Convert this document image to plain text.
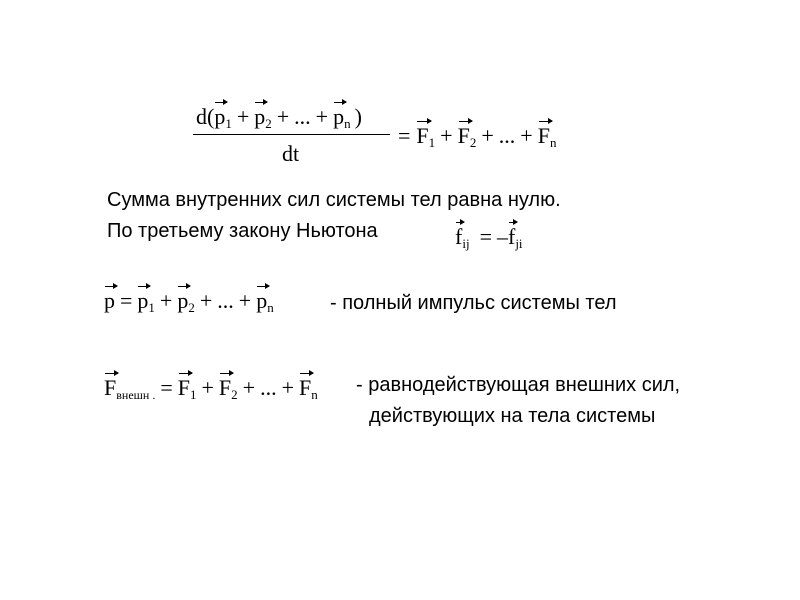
$d(p_1 + p_2$ + ... + $p_n$ )
dt
= $F_1 + F_2$ + ... + $F_n$
Сумма внутренних сил системы тел равна нулю.
По третьему закону Ньютона	$f_{ij} = -f_{ji}$
$p = p_1 + p_2$ + ... + $p_n$	- полный импульс системы тел
$F_{внешн .} = F_1 + F_2$ + ... + $F_n$ - равнодействующая внешних сил,
действующих на тела системы
